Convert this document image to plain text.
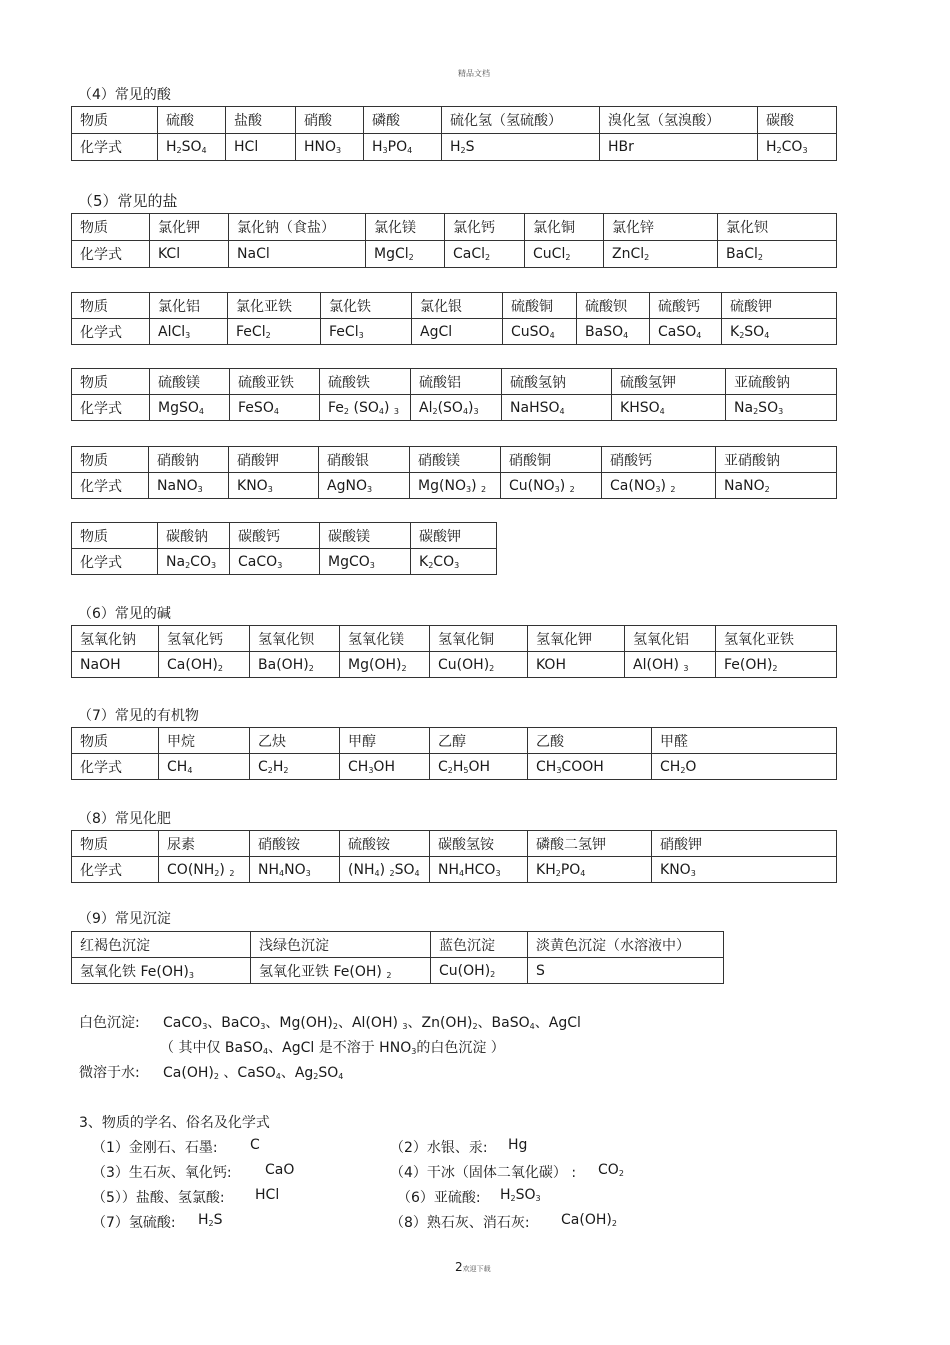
精品文档
（4）常见的酸
物质	硫酸	盐酸	硝酸	磷酸	硫化氢（氢硫酸）	溴化氢（氢溴酸）	碳酸
化学式	$H_2SO_4$	HCl	$HNO_3$	$H_3PO_4$	$H_2S$	HBr	$H_2CO_3$
（5）常见的盐
物质	氯化钾	氯化钠（食盐）	氯化镁	氯化钙	氯化铜	氯化锌	氯化钡
化学式	KCl	NaCl	MgCl$_2$	CaCl$_2$	CuCl$_2$	ZnCl$_2$	BaCl$_2$
物质	氯化铝	氯化亚铁	氯化铁	氯化银	硫酸铜	硫酸钡	硫酸钙	硫酸钾
化学式	AlCl$_3$	FeCl$_2$	FeCl$_3$	AgCl	CuSO$_4$	BaSO$_4$	CaSO$_4$	$K_2SO_4$
物质	硫酸镁	硫酸亚铁	硫酸铁	硫酸铝	硫酸氢钠	硫酸氢钾	亚硫酸钠
化学式	MgSO$_4$	FeSO$_4$	$Fe_2$ $(SO_4)$ $_3$	$Al_2(SO_4)_3$	NaHSO$_4$	$KHSO_4$	$Na_2SO_3$
物质	硝酸钠	硝酸钾	硝酸银	硝酸镁	硝酸铜	硝酸钙	亚硝酸钠
化学式	NaNO$_3$	$KNO_3$	AgNO$_3$	$Mg(NO_3)$ $_2$	$Cu(NO_3)$ $_2$	$Ca(NO_3)$ $_2$	NaNO$_2$
物质	碳酸钠	碳酸钙	碳酸镁	碳酸钾
化学式	$Na_2CO_3$	CaCO$_3$	MgCO$_3$	$K_2CO_3$
（6）常见的碱
氢氧化钠	氢氧化钙	氢氧化钡	氢氧化镁	氢氧化铜	氢氧化钾	氢氧化铝	氢氧化亚铁
NaOH	$Ca(OH)_2$	$Ba(OH)_2$	$Mg(OH)_2$	$Cu(OH)_2$	KOH	Al(OH) $_3$	$Fe(OH)_2$
（7）常见的有机物
物质	甲烷	乙炔	甲醇	乙醇	乙酸	甲醛
化学式	$CH_4$	$C_2H_2$	$CH_3OH$	$C_2H_5OH$	$CH_3COOH$	$CH_2O$
（8）常见化肥
物质	尿素	硝酸铵	硫酸铵	碳酸氢铵	磷酸二氢钾	硝酸钾
化学式	$CO(NH_2)$ $_2$	$NH_4NO_3$	$(NH_4)$ $_2SO_4$	$NH_4HCO_3$	$KH_2PO_4$	$KNO_3$
（9）常见沉淀
红褐色沉淀	浅绿色沉淀	蓝色沉淀	淡黄色沉淀（水溶液中）
氢氧化铁 $Fe(OH)_3$	氢氧化亚铁 Fe(OH) $_2$	$Cu(OH)_2$	S
白色沉淀: CaCO$_3$、BaCO$_3$、$Mg(OH)_2$、Al(OH) $_3$、$Zn(OH)_2$、BaSO$_4$、AgCl
（ 其中仅 BaSO$_4$、AgCl 是不溶于 $HNO_3$的白色沉淀 ）
微溶于水: $Ca(OH)_2$ 、CaSO$_4$、$Ag_2SO_4$
3、物质的学名、俗名及化学式
（1）金刚石、石墨: C	（2）水银、汞: Hg
（3）生石灰、氧化钙: CaO	（4）干冰（固体二氧化碳） : $CO_2$
（5））盐酸、氢氯酸: HCl	（6）亚硫酸: $H_2SO_3$
（7）氢硫酸: $H_2S$	（8）熟石灰、消石灰: $Ca(OH)_2$
2欢迎下载
